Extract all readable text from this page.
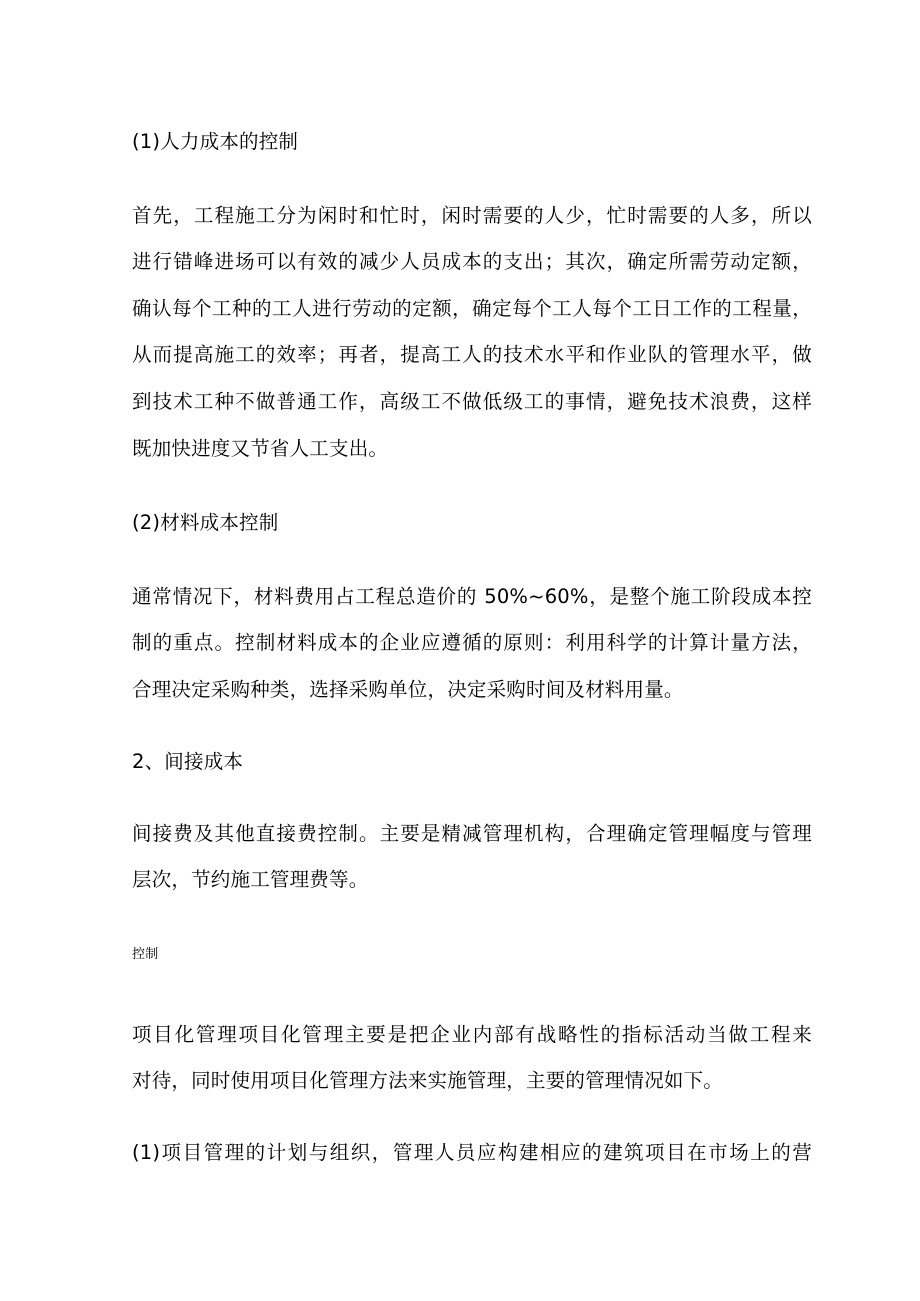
(1)人力成本的控制
首先，工程施工分为闲时和忙时，闲时需要的人少，忙时需要的人多，所以
进行错峰进场可以有效的减少人员成本的支出；其次，确定所需劳动定额，
确认每个工种的工人进行劳动的定额，确定每个工人每个工日工作的工程量，
从而提高施工的效率；再者，提高工人的技术水平和作业队的管理水平，做
到技术工种不做普通工作，高级工不做低级工的事情，避免技术浪费，这样
既加快进度又节省人工支出。
(2)材料成本控制
通常情况下，材料费用占工程总造价的 50%~60%，是整个施工阶段成本控
制的重点。控制材料成本的企业应遵循的原则：利用科学的计算计量方法，
合理决定采购种类，选择采购单位，决定采购时间及材料用量。
2、间接成本
间接费及其他直接费控制。主要是精减管理机构，合理确定管理幅度与管理
层次，节约施工管理费等。
控制
项目化管理项目化管理主要是把企业内部有战略性的指标活动当做工程来
对待，同时使用项目化管理方法来实施管理，主要的管理情况如下。
(1)项目管理的计划与组织，管理人员应构建相应的建筑项目在市场上的营
